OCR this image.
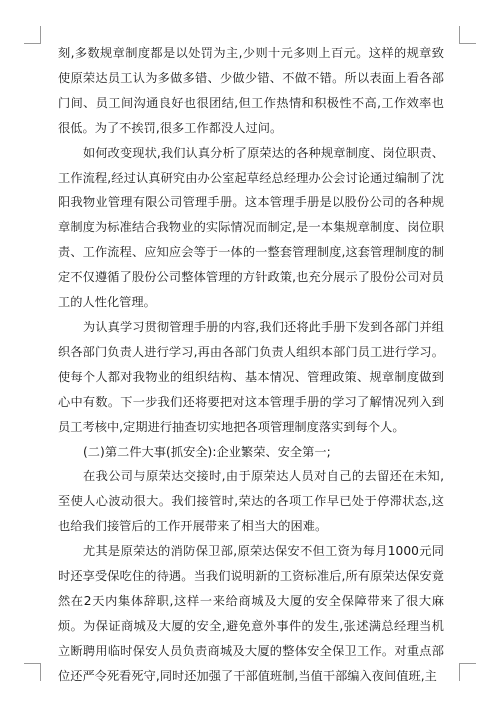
刻,多数规章制度都是以处罚为主,少则十元多则上百元。这样的规章致使原荣达员工认为多做多错、少做少错、不做不错。所以表面上看各部门间、员工间沟通良好也很团结,但工作热情和积极性不高,工作效率也很低。为了不挨罚,很多工作都没人过问。

如何改变现状,我们认真分析了原荣达的各种规章制度、岗位职责、工作流程,经过认真研究由办公室起草经总经理办公会讨论通过编制了沈阳我物业管理有限公司管理手册。这本管理手册是以股份公司的各种规章制度为标准结合我物业的实际情况而制定,是一本集规章制度、岗位职责、工作流程、应知应会等于一体的一整套管理制度,这套管理制度的制定不仅遵循了股份公司整体管理的方针政策,也充分展示了股份公司对员工的人性化管理。

为认真学习贯彻管理手册的内容,我们还将此手册下发到各部门并组织各部门负责人进行学习,再由各部门负责人组织本部门员工进行学习。使每个人都对我物业的组织结构、基本情况、管理政策、规章制度做到心中有数。下一步我们还将要把对这本管理手册的学习了解情况列入到员工考核中,定期进行抽查切实地把各项管理制度落实到每个人。

(二)第二件大事(抓安全):企业繁荣、安全第一;

在我公司与原荣达交接时,由于原荣达人员对自己的去留还在未知,至使人心波动很大。我们接管时,荣达的各项工作早已处于停滞状态,这也给我们接管后的工作开展带来了相当大的困难。

尤其是原荣达的消防保卫部,原荣达保安不但工资为每月1000元同时还享受保吃住的待遇。当我们说明新的工资标准后,所有原荣达保安竟然在2天内集体辞职,这样一来给商城及大厦的安全保障带来了很大麻烦。为保证商城及大厦的安全,避免意外事件的发生,张述满总经理当机立断聘用临时保安人员负责商城及大厦的整体安全保卫工作。对重点部位还严令死看死守,同时还加强了干部值班制,当值干部编入夜间值班,主
